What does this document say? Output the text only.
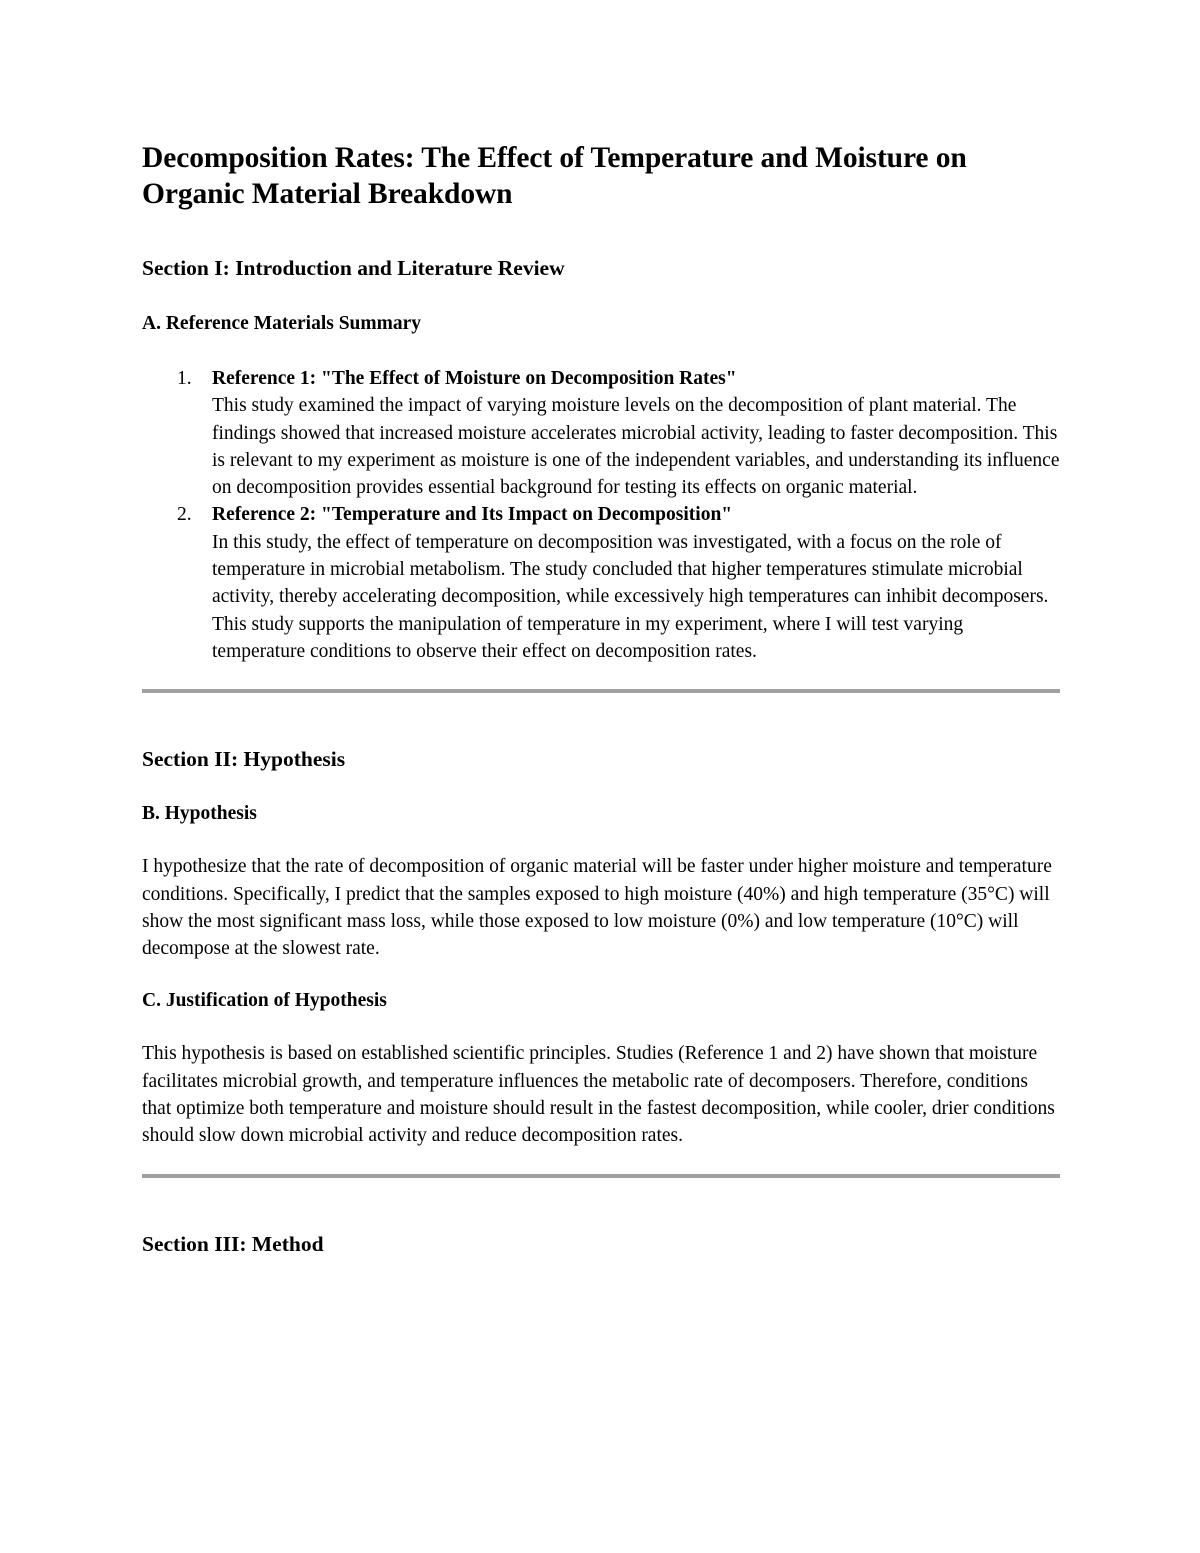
Decomposition Rates: The Effect of Temperature and Moisture on Organic Material Breakdown
Section I: Introduction and Literature Review
A. Reference Materials Summary
1.	Reference 1: "The Effect of Moisture on Decomposition Rates"
This study examined the impact of varying moisture levels on the decomposition of plant material. The findings showed that increased moisture accelerates microbial activity, leading to faster decomposition. This is relevant to my experiment as moisture is one of the independent variables, and understanding its influence on decomposition provides essential background for testing its effects on organic material.
2.	Reference 2: "Temperature and Its Impact on Decomposition"
In this study, the effect of temperature on decomposition was investigated, with a focus on the role of temperature in microbial metabolism. The study concluded that higher temperatures stimulate microbial activity, thereby accelerating decomposition, while excessively high temperatures can inhibit decomposers. This study supports the manipulation of temperature in my experiment, where I will test varying temperature conditions to observe their effect on decomposition rates.
Section II: Hypothesis
B. Hypothesis

I hypothesize that the rate of decomposition of organic material will be faster under higher moisture and temperature conditions. Specifically, I predict that the samples exposed to high moisture (40%) and high temperature (35°C) will show the most significant mass loss, while those exposed to low moisture (0%) and low temperature (10°C) will decompose at the slowest rate.

C. Justification of Hypothesis

This hypothesis is based on established scientific principles. Studies (Reference 1 and 2) have shown that moisture facilitates microbial growth, and temperature influences the metabolic rate of decomposers. Therefore, conditions that optimize both temperature and moisture should result in the fastest decomposition, while cooler, drier conditions should slow down microbial activity and reduce decomposition rates.

Section III: Method
